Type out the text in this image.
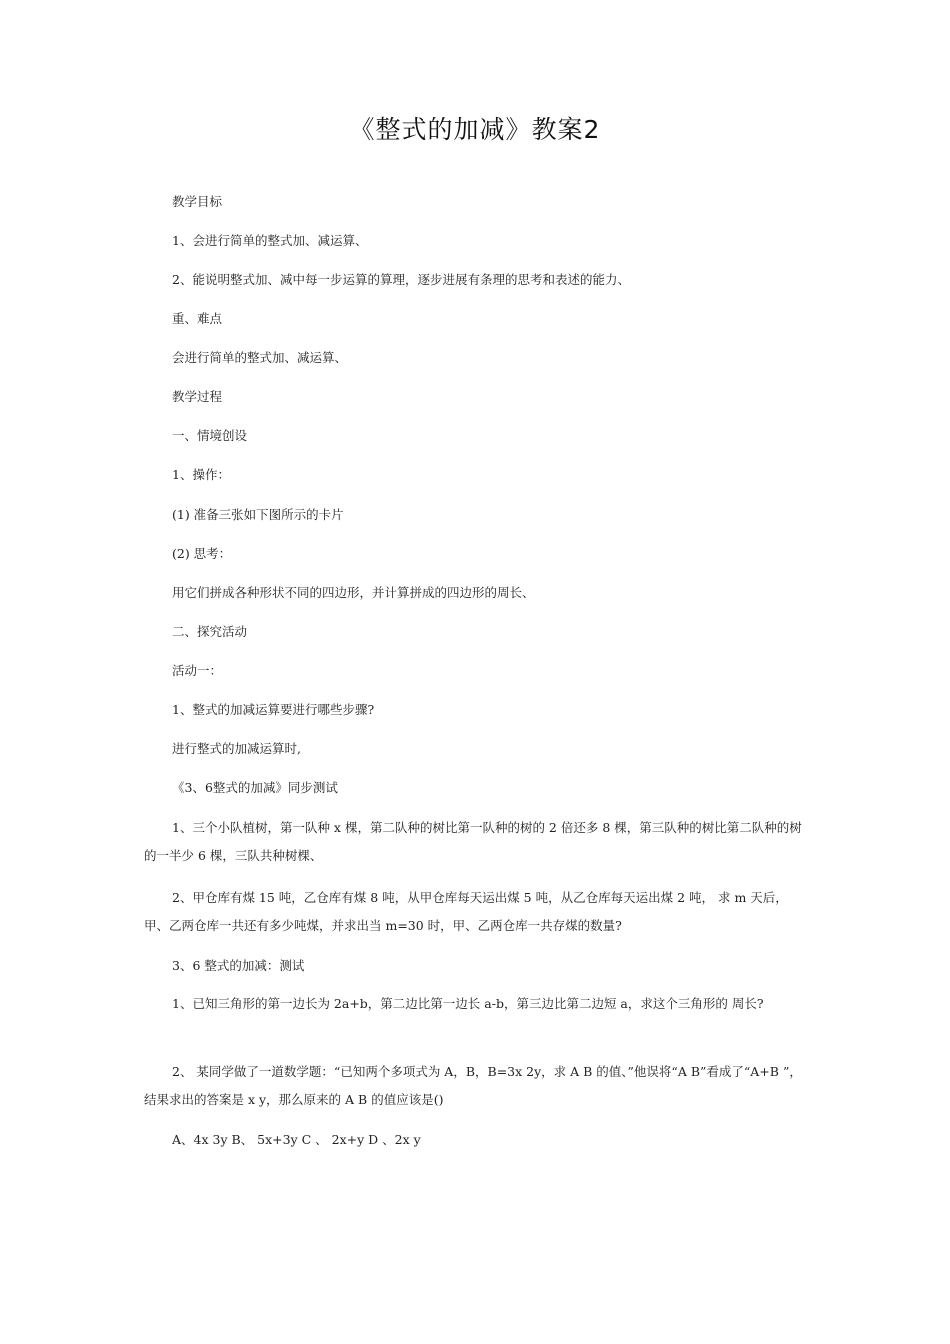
《整式的加减》教案2
教学目标
1、会进行简单的整式加、减运算、
2、能说明整式加、减中每一步运算的算理，逐步进展有条理的思考和表述的能力、
重、难点
会进行简单的整式加、减运算、
教学过程
一、情境创设
1、操作：
(1) 准备三张如下图所示的卡片
(2) 思考：
用它们拼成各种形状不同的四边形，并计算拼成的四边形的周长、
二、探究活动
活动一：
1、整式的加减运算要进行哪些步骤?
进行整式的加减运算时,
《3、6整式的加减》同步测试
1、三个小队植树，第一队种 x 棵，第二队种的树比第一队种的树的 2 倍还多 8 棵，第三队种的树比第二队种的树的一半少 6 棵，三队共种树棵、
2、甲仓库有煤 15 吨，乙仓库有煤 8 吨，从甲仓库每天运出煤 5 吨，从乙仓库每天运出煤 2 吨， 求 m 天后，甲、乙两仓库一共还有多少吨煤，并求出当 m=30 时，甲、乙两仓库一共存煤的数量?
3、6 整式的加减：测试
1、已知三角形的第一边长为 2a+b，第二边比第一边长 a-b，第三边比第二边短 a，求这个三角形的 周长?
2、 某同学做了一道数学题：“已知两个多项式为 A，B，B=3x 2y，求 A B 的值、”他误将“A B”看成了“A+B ”，结果求出的答案是 x y，那么原来的 A B 的值应该是()
A、4x 3y B、 5x+3y C 、 2x+y D 、2x y
